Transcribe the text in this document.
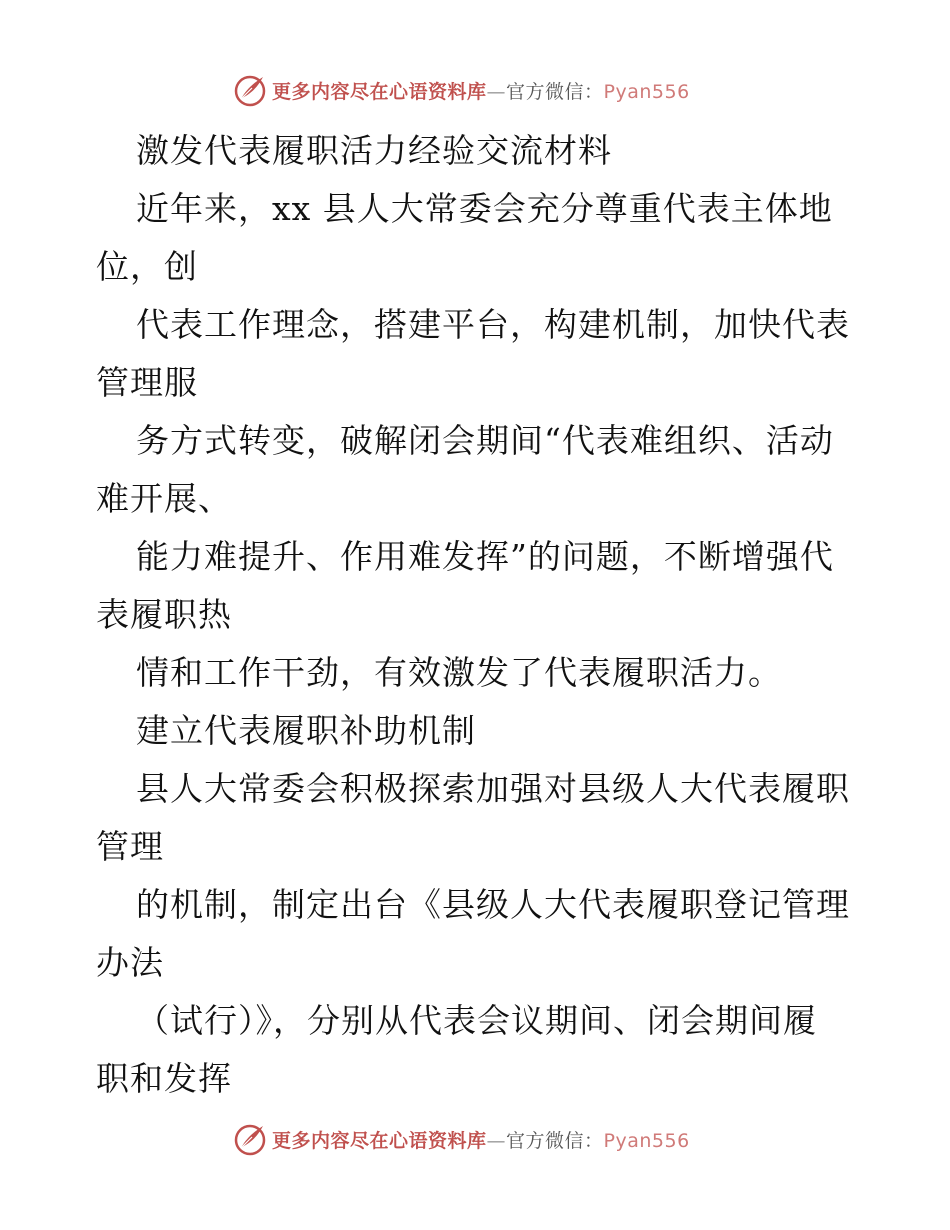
更多内容尽在心语资料库—官方微信：Pyan556
激发代表履职活力经验交流材料
近年来，xx 县人大常委会充分尊重代表主体地
位，创
代表工作理念，搭建平台，构建机制，加快代表
管理服
务方式转变，破解闭会期间“代表难组织、活动
难开展、
能力难提升、作用难发挥”的问题，不断增强代
表履职热
情和工作干劲，有效激发了代表履职活力。
建立代表履职补助机制
县人大常委会积极探索加强对县级人大代表履职
管理
的机制，制定出台《县级人大代表履职登记管理
办法
（试行）》，分别从代表会议期间、闭会期间履
职和发挥
更多内容尽在心语资料库—官方微信：Pyan556
